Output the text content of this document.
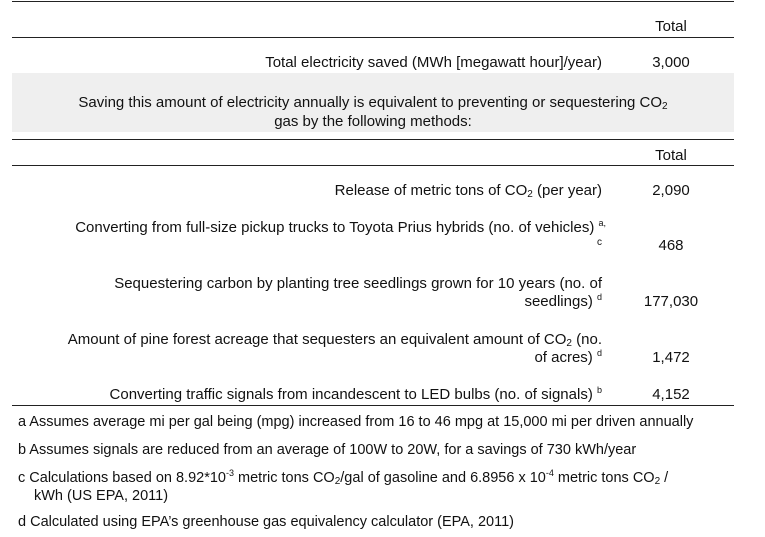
Total
Total electricity saved (MWh [megawatt hour]/year)	3,000
Saving this amount of electricity annually is equivalent to preventing or sequestering $CO_2$
gas by the following methods:
Total
Release of metric tons of $CO_2$ (per year)	2,090
Converting from full-size pickup trucks to Toyota Prius hybrids (no. of vehicles) $^{a,}$
c	468
Sequestering carbon by planting tree seedlings grown for 10 years (no. of
seedlings) $^d$	177,030
Amount of pine forest acreage that sequesters an equivalent amount of $CO_2$ (no.
of acres) $^d$	1,472
Converting traffic signals from incandescent to LED bulbs (no. of signals) $^b$	4,152
a Assumes average mi per gal being (mpg) increased from 16 to 46 mpg at 15,000 mi per driven annually
b Assumes signals are reduced from an average of 100W to 20W, for a savings of 730 kWh/year
c Calculations based on $8.92*10^{-3}$ metric tons $CO_2$/gal of gasoline and 6.8956 x $10^{-4}$ metric tons $CO_2$ /
kWh (US EPA, 2011)
d Calculated using EPA’s greenhouse gas equivalency calculator (EPA, 2011)
